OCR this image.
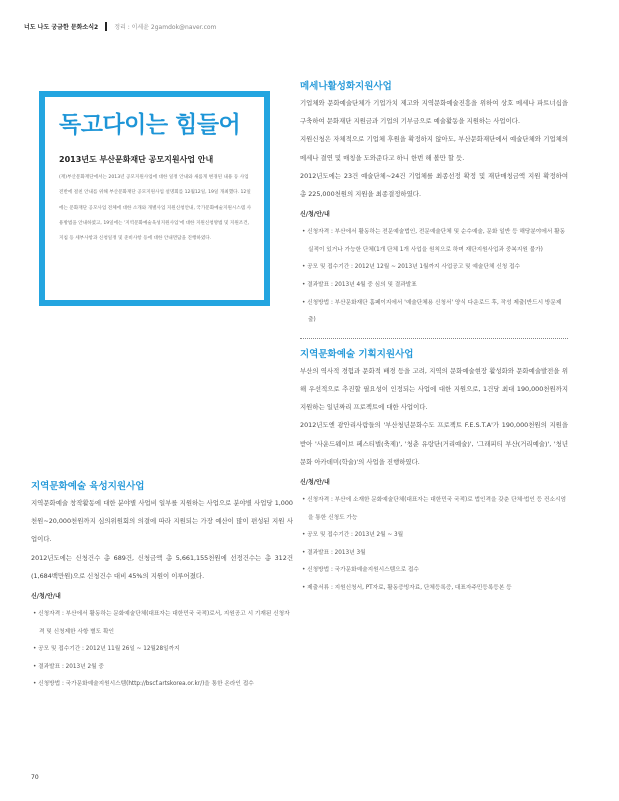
너도 나도 궁금한 문화소식2	정리 : 이세윤 2gamdok@naver.com
독고다이는 힘들어
2013년도 부산문화재단 공모지원사업 안내
(재)부산문화재단에서는 2013년 공모지원사업에 대한 일정 안내와 새롭게 변경된 내용 등 사업 전반에 걸친 안내를 위해 부산문화재단 공모지원사업 설명회를 12월12일, 19일 개최했다. 12일에는 문화재단 공모사업 전체에 대한 소개와 개별사업 지원신청안내, 국가문화예술지원시스템 사용방법을 안내하였고, 19일에는 '지역문화예술육성지원사업'에 대한 지원신청방법 및 지원조건, 지침 등 세부사항과 신청일정 및 준비사항 등에 대한 안내면담을 진행하였다.
메세나활성화지원사업
기업체와 문화예술단체가 기업가치 제고와 지역문화예술진흥을 위하여 상호 메세나 파트너십을 구축하여 문화재단 지원금과 기업의 기부금으로 예술활동을 지원하는 사업이다.
지원신청은 자체적으로 기업체 후원을 확정하지 않아도, 부산문화재단에서 예술단체와 기업체의 메세나 결연 및 매칭을 도와준다고 하니 한번 해 볼만 할 듯.
2012년도에는 23건 예술단체~24건 기업체를 최종선정 확정 및 재단매칭금액 지원 확정하여 총 225,000천원의 지원을 최종결정하였다.
신/청/안/내
• 신청자격 : 부산에서 활동하는 전문예술법인, 전문예술단체 및 순수예술, 문화 일반 등 해당분야에서 활동실적이 있거나 가능한 단체(1개 단체 1개 사업을 원칙으로 하며 재단지원사업과 중복지원 불가)
• 공모 및 접수기간 : 2012년 12월 ~ 2013년 1월까지 사업공고 및 예술단체 신청 접수
• 결과발표 : 2013년 4월 중 심의 및 결과발표
• 신청방법 : 부산문화재단 홈페이지에서 '예술단체용 신청서' 양식 다운로드 후, 작성 제출(반드시 방문제출)
지역문화예술 기획지원사업
부산의 역사적 경험과 문화적 배경 등을 고려, 지역의 문화예술현장 활성화와 문화예술발전을 위해 우선적으로 추진할 필요성이 인정되는 사업에 대한 지원으로, 1건당 최대 190,000천원까지 지원하는 일년짜리 프로젝트에 대한 사업이다.
2012년도엔 광안리사람들의 '부산청년문화수도 프로젝트 F.E.S.T.A'가 190,000천원의 지원을 받아 '사운드웨이브 페스티벌(축제)', '청춘 유랑단(거리예술)', '그래피티 부산(거리예술)', '청년문화 아카데미(학술)'의 사업을 진행하였다.
신/청/안/내
• 신청자격 : 부산에 소재한 문화예술단체(대표자는 대한민국 국적)로 법인격을 갖춘 단체·법인 등 컨소시엄을 통한 신청도 가능
• 공모 및 접수기간 : 2013년 2월 ~ 3월
• 결과발표 : 2013년 3월
• 신청방법 : 국가문화예술지원시스템으로 접수
• 제출서류 : 지원신청서, PT자료, 활동증빙자료, 단체등록증, 대표자주민등록등본 등
지역문화예술 육성지원사업
지역문화예술 창작활동에 대한 분야별 사업비 일부를 지원하는 사업으로 분야별 사업당 1,000천원~20,000천원까지 심의위원회의 의결에 따라 지원되는 가장 예산이 많이 편성된 지원 사업이다.
2012년도에는 신청건수 총 689건, 신청금액 총 5,661,155천원에 선정건수는 총 312건(1,684백만원)으로 신청건수 대비 45%의 지원이 이루어졌다.
신/청/안/내
• 신청자격 : 부산에서 활동하는 문화예술단체(대표자는 대한민국 국적)로서, 지원공고 시 기재된 신청자격 및 신청제한 사항 별도 확인
• 공모 및 접수기간 : 2012년 11월 26일 ~ 12월28일까지
• 결과발표 : 2013년 2월 중
• 신청방법 : 국가문화예술지원시스템(http://bscf.artskorea.or.kr/)을 통한 온라인 접수
70
